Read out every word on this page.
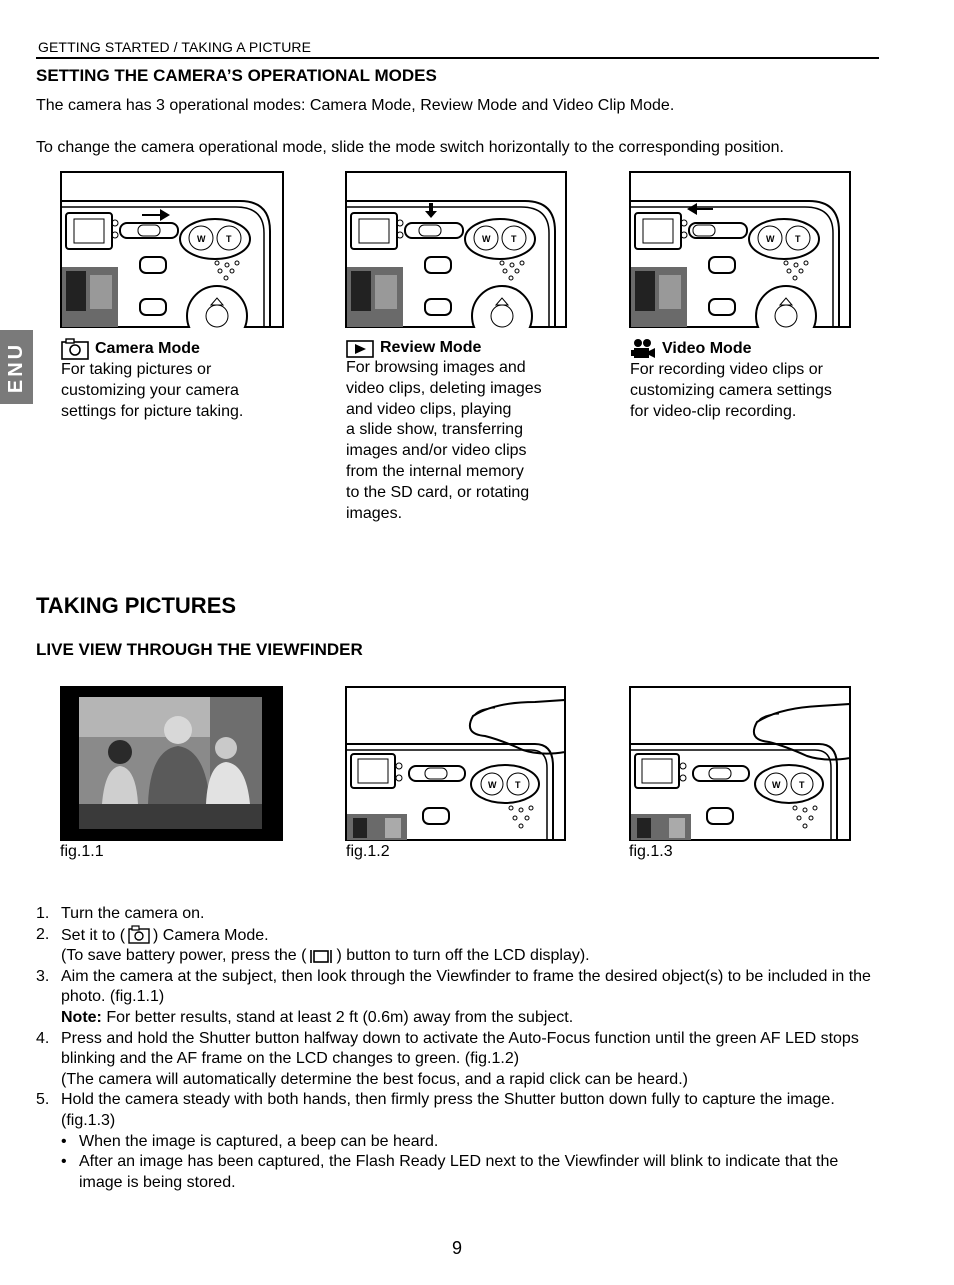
GETTING STARTED / TAKING A PICTURE
ENU
SETTING THE CAMERA’S OPERATIONAL MODES
The camera has 3 operational modes: Camera Mode, Review Mode and Video Clip Mode.
To change the camera operational mode, slide the mode switch horizontally to the corresponding position.
W T	W T	W T
Camera Mode
For taking pictures or
customizing your camera
settings for picture taking.
Review Mode
For browsing images and
video clips, deleting images
and video clips, playing
a slide show, transferring
images and/or video clips
from the internal memory
to the SD card, or rotating
images.
Video Mode
For recording video clips or
customizing camera settings
for video-clip recording.
TAKING PICTURES
LIVE VIEW THROUGH THE VIEWFINDER
W T	W T
fig.1.1	fig.1.2	fig.1.3
1. Turn the camera on.
2. Set it to ( ) Camera Mode.
(To save battery power, press the ( ) button to turn off the LCD display).
3. Aim the camera at the subject, then look through the Viewfinder to frame the desired object(s) to be included in the photo. (fig.1.1)
Note: For better results, stand at least 2 ft (0.6m) away from the subject.
4. Press and hold the Shutter button halfway down to activate the Auto-Focus function until the green AF LED stops blinking and the AF frame on the LCD changes to green. (fig.1.2)
(The camera will automatically determine the best focus, and a rapid click can be heard.)
5. Hold the camera steady with both hands, then firmly press the Shutter button down fully to capture the image. (fig.1.3)
• When the image is captured, a beep can be heard.
• After an image has been captured, the Flash Ready LED next to the Viewfinder will blink to indicate that the image is being stored.
9
